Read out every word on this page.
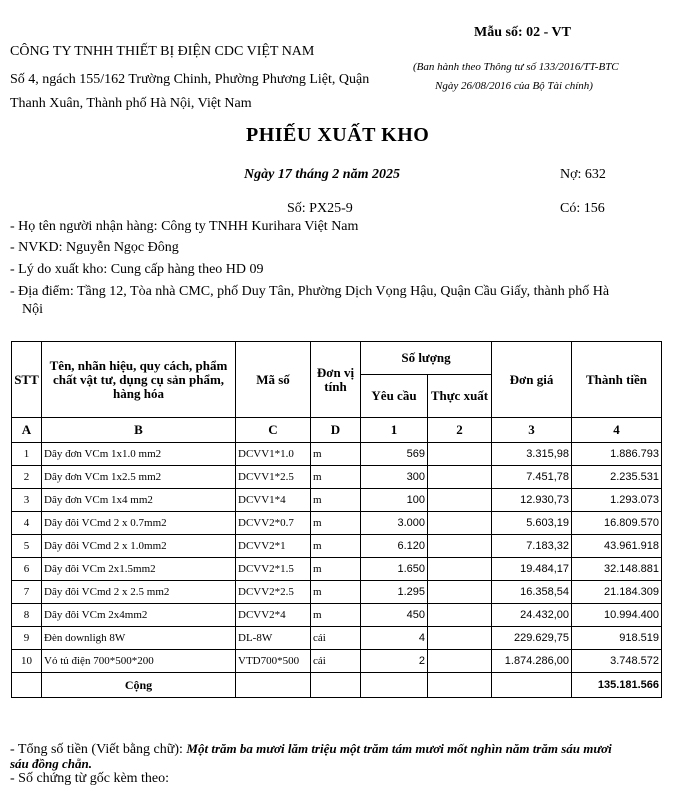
Mẫu số: 02 - VT
CÔNG TY TNHH THIẾT BỊ ĐIỆN CDC VIỆT NAM
(Ban hành theo Thông tư số 133/2016/TT-BTC
Số 4, ngách 155/162 Trường Chinh, Phường Phương Liệt, Quận	Ngày 26/08/2016 của Bộ Tài chính)
Thanh Xuân, Thành phố Hà Nội, Việt Nam
PHIẾU XUẤT KHO
Ngày 17 tháng 2 năm 2025	Nợ: 632
Số: PX25-9	Có: 156
- Họ tên người nhận hàng: Công ty TNHH Kurihara Việt Nam
- NVKD: Nguyễn Ngọc Đông
- Lý do xuất kho: Cung cấp hàng theo HD 09
- Địa điểm: Tầng 12, Tòa nhà CMC, phố Duy Tân, Phường Dịch Vọng Hậu, Quận Cầu Giấy, thành phố Hà
Nội
STT	Tên, nhãn hiệu, quy cách, phẩm chất vật tư, dụng cụ sản phẩm, hàng hóa	Mã số	Đơn vị tính	Số lượng		Đơn giá	Thành tiền
				Yêu cầu	Thực xuất		
A	B	C	D	1	2	3	4
1	Dây đơn VCm 1x1.0 mm2	DCVV1*1.0	m	569		3.315,98	1.886.793
2	Dây đơn VCm 1x2.5 mm2	DCVV1*2.5	m	300		7.451,78	2.235.531
3	Dây đơn VCm 1x4 mm2	DCVV1*4	m	100		12.930,73	1.293.073
4	Dây đôi VCmd 2 x 0.7mm2	DCVV2*0.7	m	3.000		5.603,19	16.809.570
5	Dây đôi VCmd 2 x 1.0mm2	DCVV2*1	m	6.120		7.183,32	43.961.918
6	Dây đôi VCm 2x1.5mm2	DCVV2*1.5	m	1.650		19.484,17	32.148.881
7	Dây đôi VCmd 2 x 2.5 mm2	DCVV2*2.5	m	1.295		16.358,54	21.184.309
8	Dây đôi VCm 2x4mm2	DCVV2*4	m	450		24.432,00	10.994.400
9	Đèn downligh 8W	DL-8W	cái	4		229.629,75	918.519
10	Vỏ tủ điện 700*500*200	VTD700*500	cái	2		1.874.286,00	3.748.572
	Cộng						135.181.566
- Tổng số tiền (Viết bằng chữ): Một trăm ba mươi lăm triệu một trăm tám mươi mốt nghìn năm trăm sáu mươi
sáu đồng chẵn.
- Số chứng từ gốc kèm theo:
